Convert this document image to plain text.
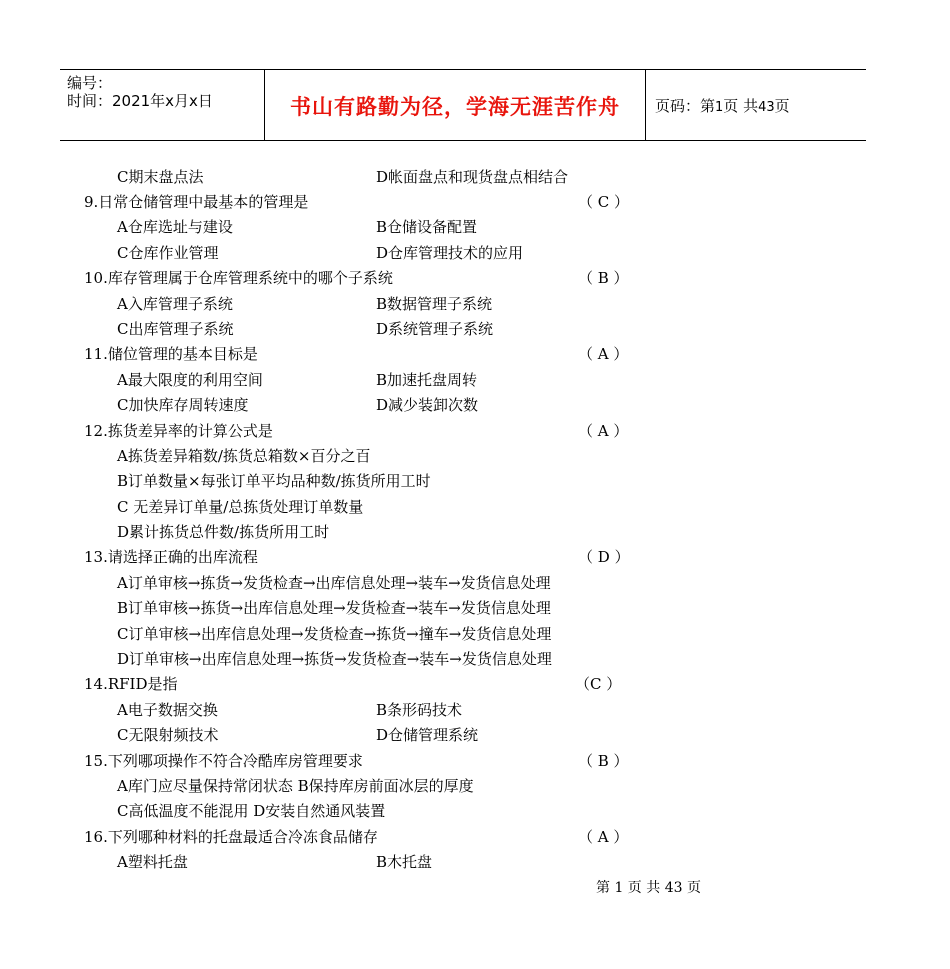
编号：
时间：2021年x月x日	书山有路勤为径，学海无涯苦作舟	页码：第1页 共43页
C期末盘点法	D帐面盘点和现货盘点相结合
9.日常仓储管理中最基本的管理是	（ C ）
A仓库选址与建设	B仓储设备配置
C仓库作业管理	D仓库管理技术的应用
10.库存管理属于仓库管理系统中的哪个子系统	（ B ）
A入库管理子系统	B数据管理子系统
C出库管理子系统	D系统管理子系统
11.储位管理的基本目标是	（ A ）
A最大限度的利用空间	B加速托盘周转
C加快库存周转速度	D减少装卸次数
12.拣货差异率的计算公式是	（ A ）
A拣货差异箱数/拣货总箱数×百分之百
B订单数量×每张订单平均品种数/拣货所用工时
C 无差异订单量/总拣货处理订单数量
D累计拣货总件数/拣货所用工时
13.请选择正确的出库流程	（ D ）
A订单审核→拣货→发货检查→出库信息处理→装车→发货信息处理
B订单审核→拣货→出库信息处理→发货检查→装车→发货信息处理
C订单审核→出库信息处理→发货检查→拣货→撞车→发货信息处理
D订单审核→出库信息处理→拣货→发货检查→装车→发货信息处理
14.RFID是指	（C ）
A电子数据交换	B条形码技术
C无限射频技术	D仓储管理系统
15.下列哪项操作不符合冷酷库房管理要求	（ B ）
A库门应尽量保持常闭状态 B保持库房前面冰层的厚度
C高低温度不能混用 D安装自然通风装置
16.下列哪种材料的托盘最适合冷冻食品储存	（ A ）
A塑料托盘	B木托盘
第 1 页 共 43 页
